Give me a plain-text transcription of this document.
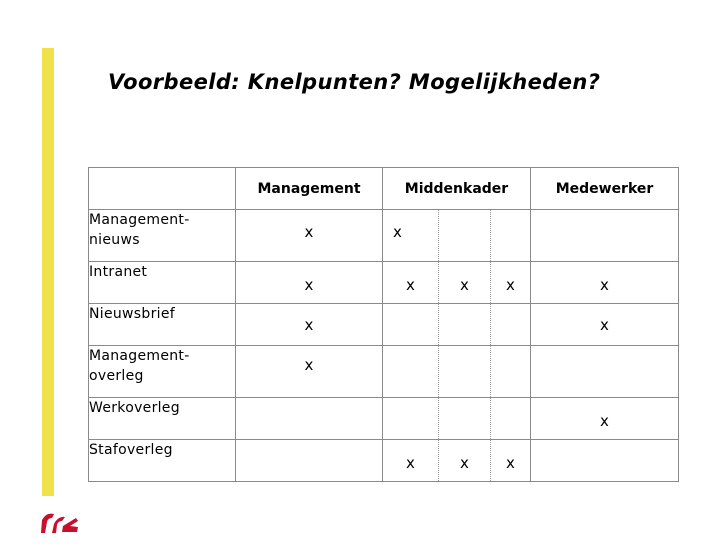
Voorbeeld: Knelpunten? Mogelijkheden?
	Management	Middenkader			Medewerker
Management-nieuws	x	x			

Intranet	x	x	x	x	x

Nieuwsbrief	x				x

Management-overleg	x				

Werkoverleg					x

Stafoverleg		x	x	x	
